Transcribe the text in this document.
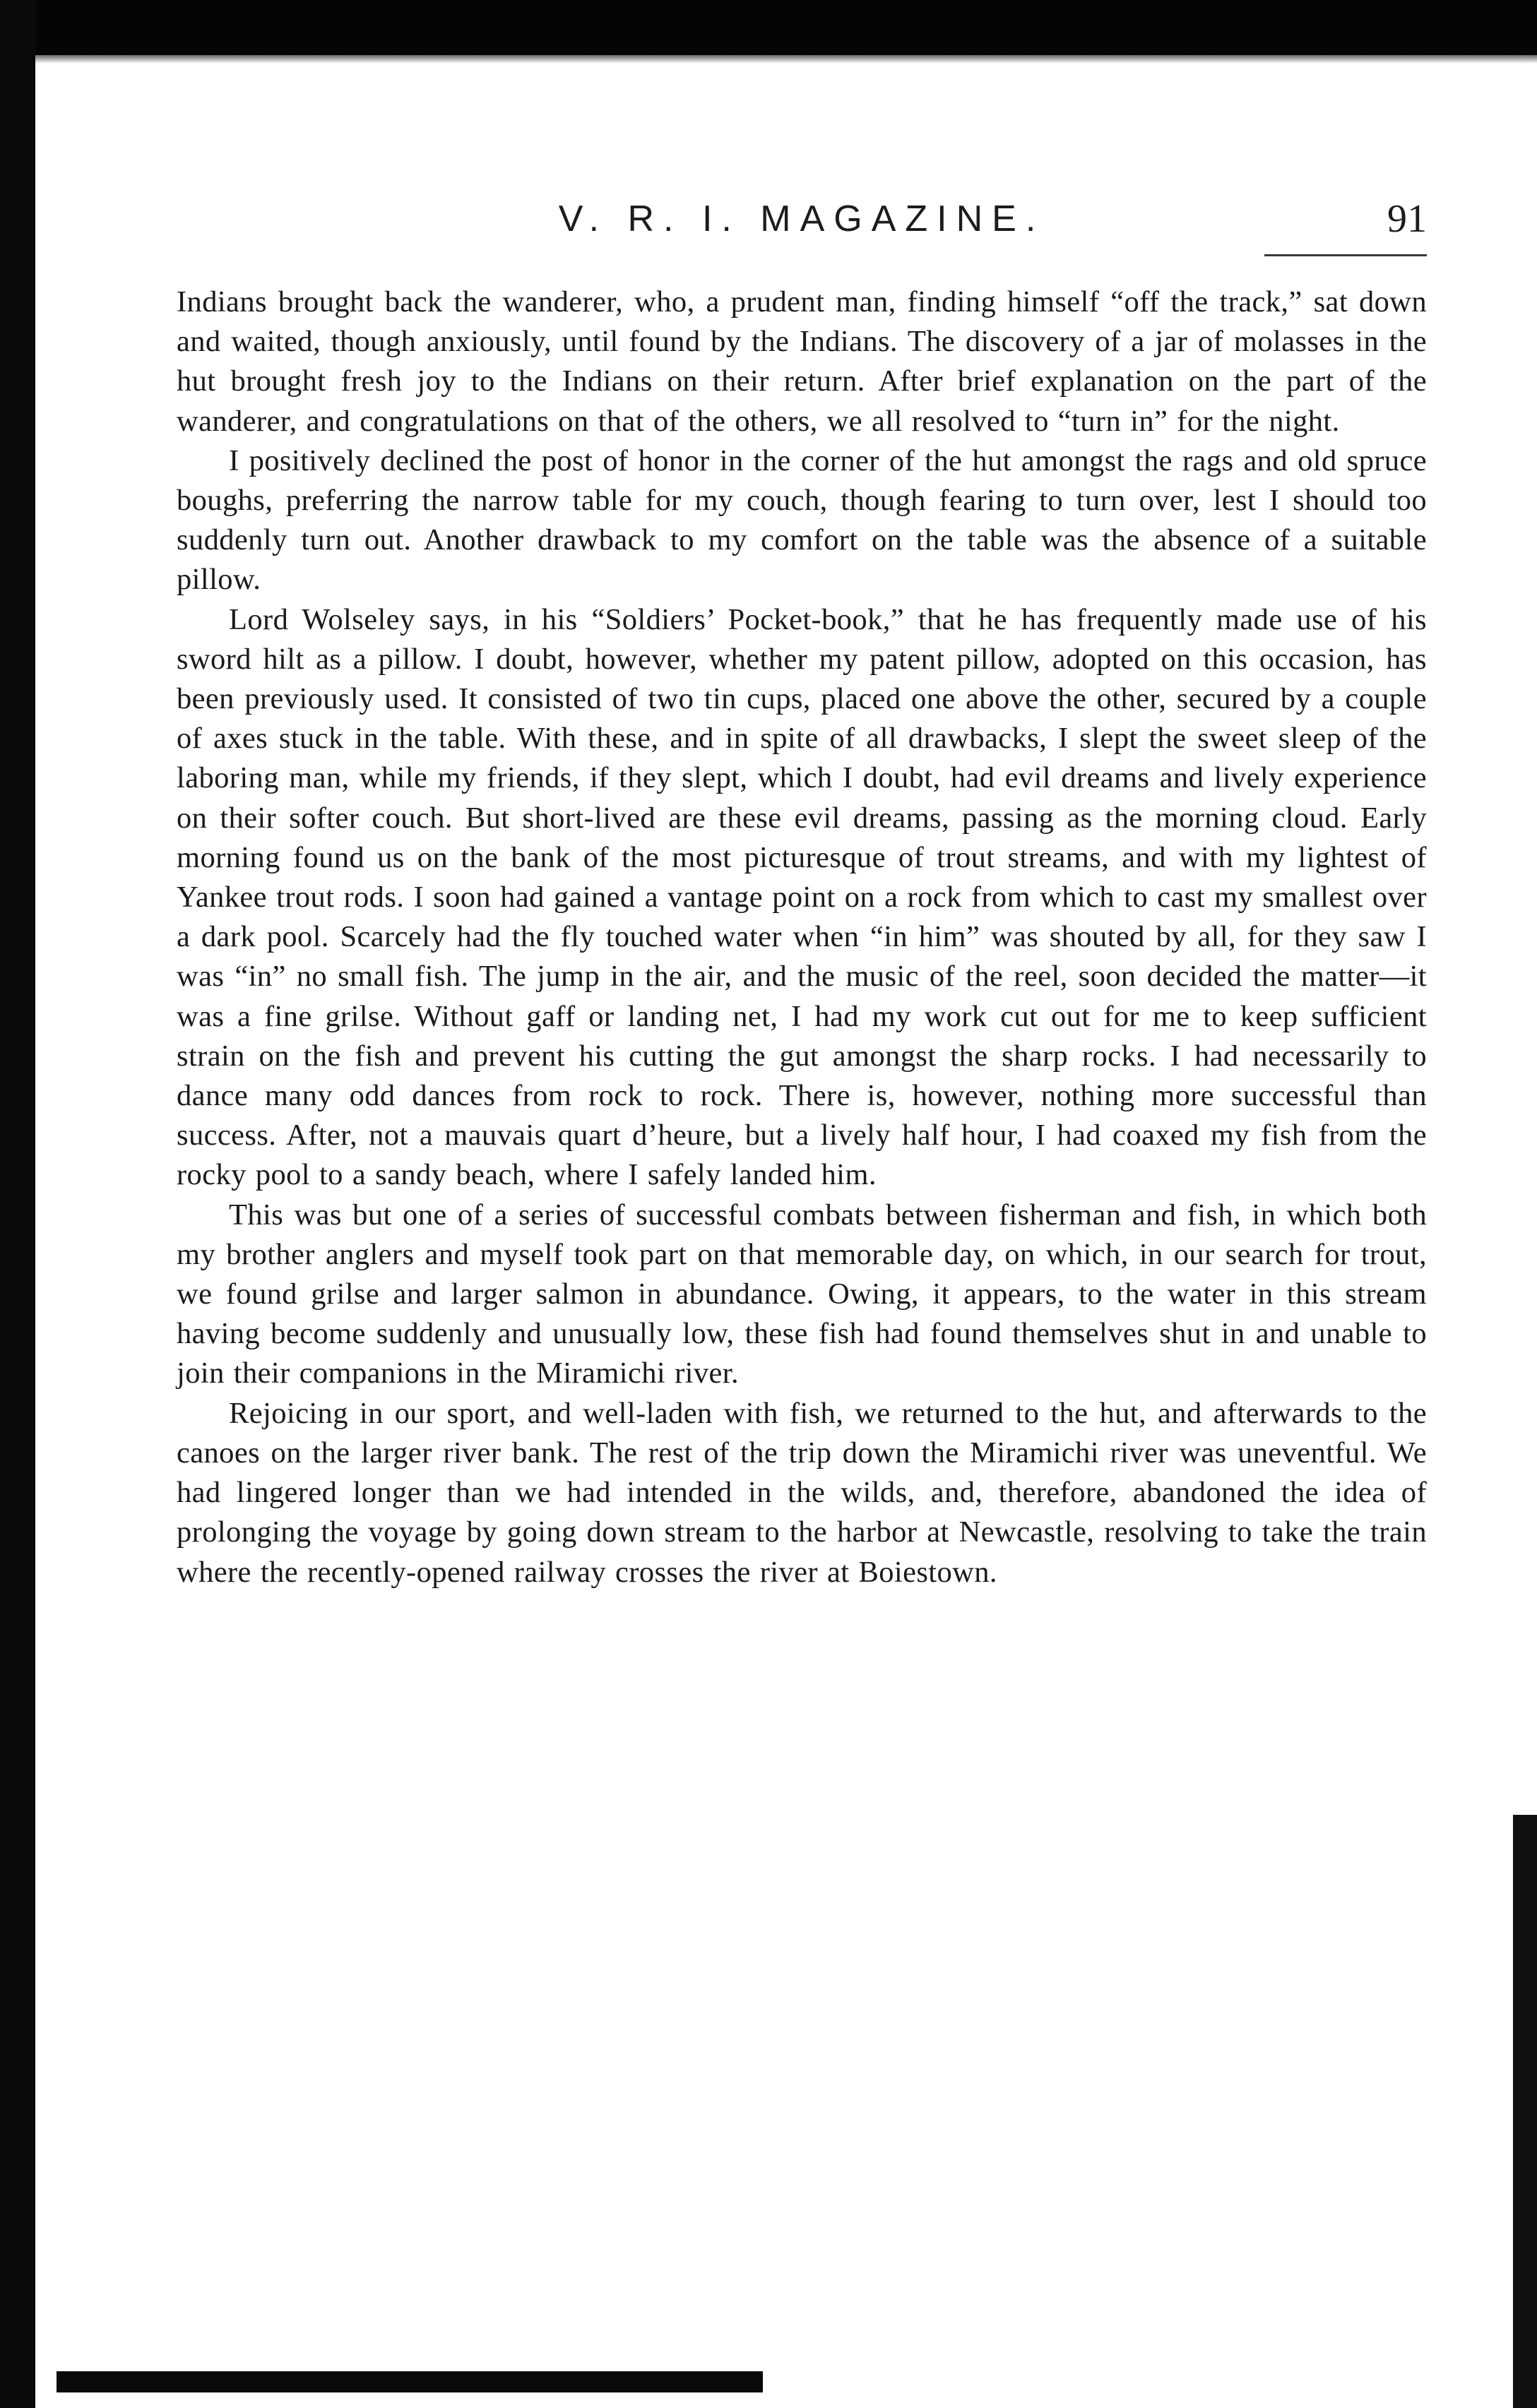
V. R. I. MAGAZINE.	91

Indians brought back the wanderer, who, a prudent man, finding himself “off the track,” sat down and waited, though anxiously, until found by the Indians. The discovery of a jar of molasses in the hut brought fresh joy to the Indians on their return. After brief explanation on the part of the wanderer, and congratulations on that of the others, we all resolved to “turn in” for the night.

I positively declined the post of honor in the corner of the hut amongst the rags and old spruce boughs, preferring the narrow table for my couch, though fearing to turn over, lest I should too suddenly turn out. Another drawback to my comfort on the table was the absence of a suitable pillow.

Lord Wolseley says, in his “Soldiers’ Pocket-book,” that he has frequently made use of his sword hilt as a pillow. I doubt, however, whether my patent pillow, adopted on this occasion, has been previously used. It consisted of two tin cups, placed one above the other, secured by a couple of axes stuck in the table. With these, and in spite of all drawbacks, I slept the sweet sleep of the laboring man, while my friends, if they slept, which I doubt, had evil dreams and lively experience on their softer couch. But short-lived are these evil dreams, passing as the morning cloud. Early morning found us on the bank of the most picturesque of trout streams, and with my lightest of Yankee trout rods. I soon had gained a vantage point on a rock from which to cast my smallest over a dark pool. Scarcely had the fly touched water when “in him” was shouted by all, for they saw I was “in” no small fish. The jump in the air, and the music of the reel, soon decided the matter—it was a fine grilse. Without gaff or landing net, I had my work cut out for me to keep sufficient strain on the fish and prevent his cutting the gut amongst the sharp rocks. I had necessarily to dance many odd dances from rock to rock. There is, however, nothing more successful than success. After, not a mauvais quart d’heure, but a lively half hour, I had coaxed my fish from the rocky pool to a sandy beach, where I safely landed him.

This was but one of a series of successful combats between fisherman and fish, in which both my brother anglers and myself took part on that memorable day, on which, in our search for trout, we found grilse and larger salmon in abundance. Owing, it appears, to the water in this stream having become suddenly and unusually low, these fish had found themselves shut in and unable to join their companions in the Miramichi river.

Rejoicing in our sport, and well-laden with fish, we returned to the hut, and afterwards to the canoes on the larger river bank. The rest of the trip down the Miramichi river was uneventful. We had lingered longer than we had intended in the wilds, and, therefore, abandoned the idea of prolonging the voyage by going down stream to the harbor at Newcastle, resolving to take the train where the recently-opened railway crosses the river at Boiestown.
